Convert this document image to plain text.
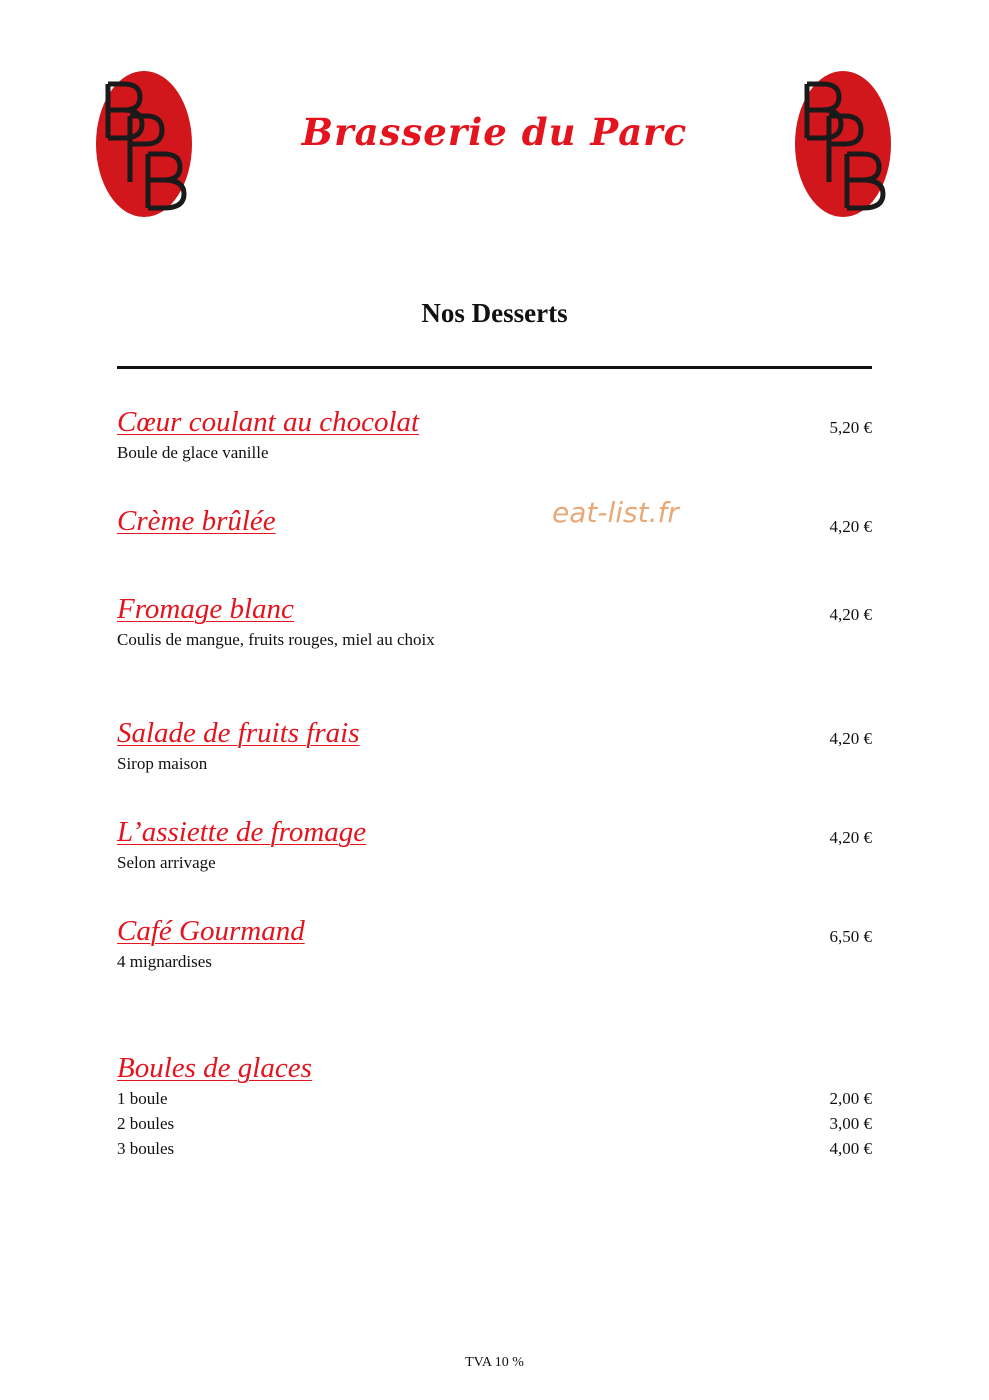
Brasserie du Parc
Nos Desserts
Cœur coulant au chocolat
Boule de glace vanille
5,20 €
Crème brûlée	4,20 €
Fromage blanc
Coulis de mangue, fruits rouges, miel au choix
4,20 €
Salade de fruits frais
Sirop maison
4,20 €
L’assiette de fromage
Selon arrivage
4,20 €
Café Gourmand
4 mignardises
6,50 €
Boules de glaces
1 boule	2,00 €
2 boules	3,00 €
3 boules	4,00 €
eat-list.fr
TVA 10 %
